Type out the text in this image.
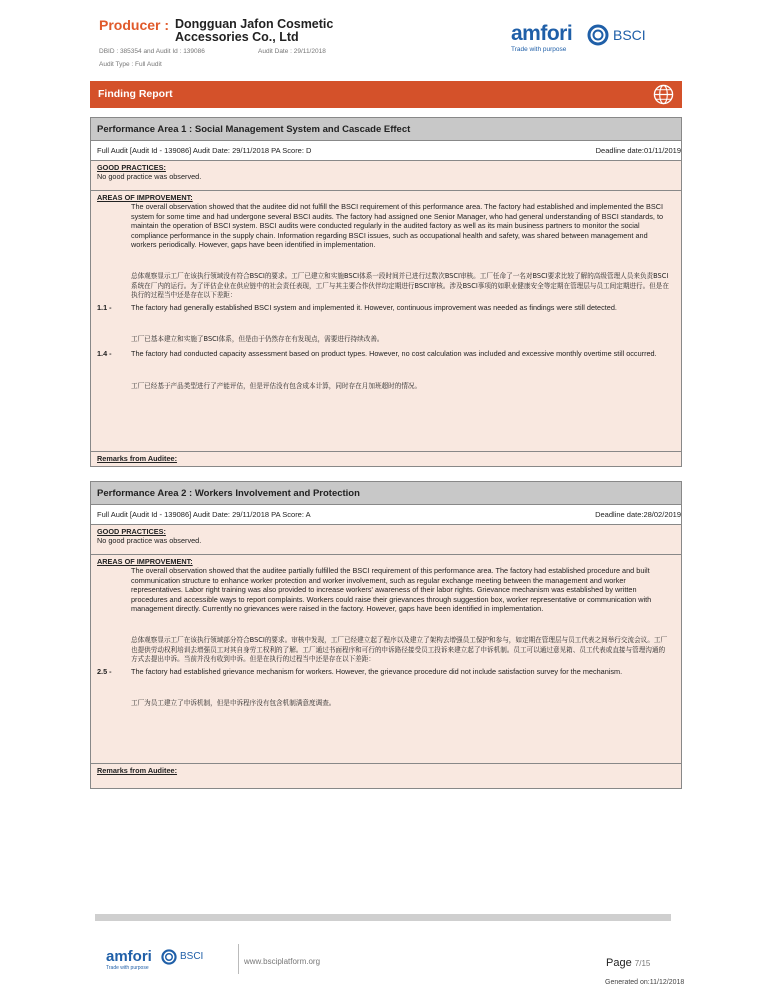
Producer : Dongguan Jafon Cosmetic
Accessories Co., Ltd
DBID : 385354 and Audit Id : 139086	Audit Date : 29/11/2018
Audit Type : Full Audit
amfori	BSCI
Trade with purpose
Finding Report
Performance Area 1 : Social Management System and Cascade Effect
Full Audit [Audit Id - 139086] Audit Date: 29/11/2018 PA Score: D	Deadline date:01/11/2019
GOOD PRACTICES:
No good practice was observed.
AREAS OF IMPROVEMENT:
The overall observation showed that the auditee did not fulfill the BSCI requirement of this performance area. The factory had established and implemented the BSCI system for some time and had undergone several BSCI audits. The factory had assigned one Senior Manager, who had general understanding of BSCI standards, to maintain the operation of BSCI system. BSCI audits were conducted regularly in the audited factory as well as its main business partners to monitor the social compliance performance in the supply chain. Information regarding BSCI issues, such as occupational health and safety, was shared between management and workers periodically. However, gaps have been identified in implementation.
总体观察显示工厂在该执行领域没有符合BSCI的要求。工厂已建立和实施BSCI体系一段时间并已进行过数次BSCI审核。工厂任命了一名对BSCI要求比较了解的高级管理人员来负责BSCI系统在厂内的运行。为了评估企业在供应链中的社会责任表现，工厂与其主要合作伙伴均定期进行BSCI审核。涉及BSCI事项的如职业健康安全等定期在管理层与员工间定期进行。但是在执行的过程当中还是存在以下差距：
1.1 -	The factory had generally established BSCI system and implemented it. However, continuous improvement was needed as findings were still detected.
工厂已基本建立和实施了BSCI体系，但是由于仍然存在有发现点，需要进行持续改善。
1.4 -	The factory had conducted capacity assessment based on product types. However, no cost calculation was included and excessive monthly overtime still occurred.
工厂已经基于产品类型进行了产能评估，但是评估没有包含成本计算，同时存在月加班超时的情况。
Remarks from Auditee:
Performance Area 2 : Workers Involvement and Protection
Full Audit [Audit Id - 139086] Audit Date: 29/11/2018 PA Score: A	Deadline date:28/02/2019
GOOD PRACTICES:
No good practice was observed.
AREAS OF IMPROVEMENT:
The overall observation showed that the auditee partially fulfilled the BSCI requirement of this performance area. The factory had established procedure and built communication structure to enhance worker protection and worker involvement, such as regular exchange meeting between the management and worker representatives. Labor right training was also provided to increase workers' awareness of their labor rights. Grievance mechanism was established by written procedures and accessible ways to report complaints. Workers could raise their grievances through suggestion box, worker representative or communication with management directly. Currently no grievances were raised in the factory. However, gaps have been identified in implementation.
总体观察显示工厂在该执行领域部分符合BSCI的要求。审核中发现，工厂已经建立起了程序以及建立了架构去增强员工保护和参与，如定期在管理层与员工代表之间举行交流会议。工厂也提供劳动权利培训去增强员工对其自身劳工权利的了解。工厂通过书面程序和可行的申诉路径接受员工投诉来建立起了申诉机制。员工可以通过意见箱、员工代表或直接与管理沟通的方式去提出申诉。当前并没有收到申诉。但是在执行的过程当中还是存在以下差距：
2.5 -	The factory had established grievance mechanism for workers. However, the grievance procedure did not include satisfaction survey for the mechanism.
工厂为员工建立了申诉机制，但是申诉程序没有包含机制满意度调查。
Remarks from Auditee:
amfori	BSCI
Trade with purpose
www.bsciplatform.org	Page 7/15
Generated on:11/12/2018
